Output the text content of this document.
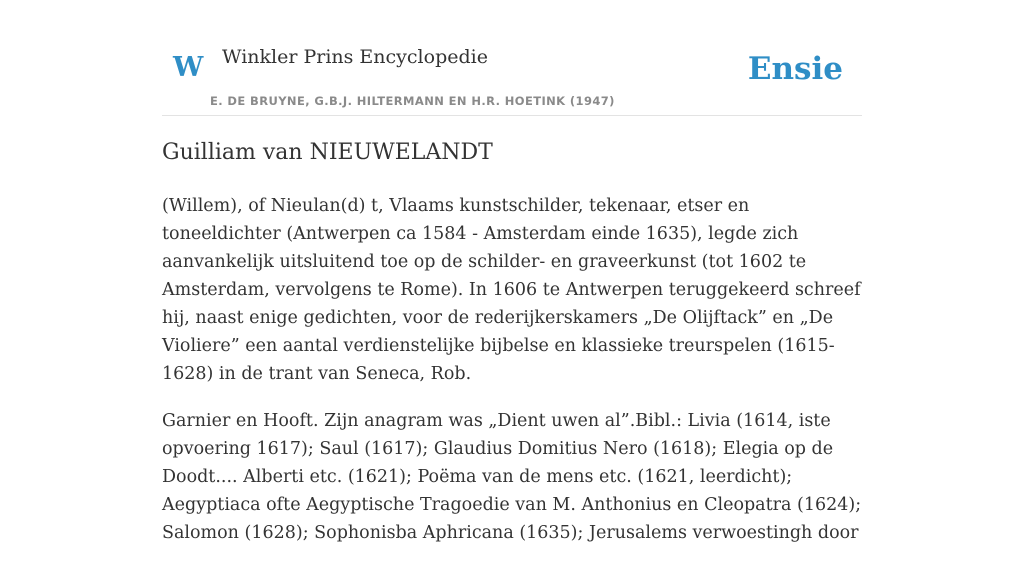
W Winkler Prins Encyclopedie
E. DE BRUYNE, G.B.J. HILTERMANN EN H.R. HOETINK (1947)
Ensie
Guilliam van NIEUWELANDT

(Willem), of Nieulan(d) t, Vlaams kunstschilder, tekenaar, etser en toneeldichter (Antwerpen ca 1584 - Amsterdam einde 1635), legde zich aanvankelijk uitsluitend toe op de schilder- en graveerkunst (tot 1602 te Amsterdam, vervolgens te Rome). In 1606 te Antwerpen teruggekeerd schreef hij, naast enige gedichten, voor de rederijkerskamers „De Olijftack” en „De Violiere” een aantal verdienstelijke bijbelse en klassieke treurspelen (1615-1628) in de trant van Seneca, Rob.

Garnier en Hooft. Zijn anagram was „Dient uwen al”.Bibl.: Livia (1614, iste opvoering 1617); Saul (1617); Glaudius Domitius Nero (1618); Elegia op de Doodt.... Alberti etc. (1621); Poëma van de mens etc. (1621, leerdicht); Aegyptiaca ofte Aegyptische Tragoedie van M. Anthonius en Cleopatra (1624); Salomon (1628); Sophonisba Aphricana (1635); Jerusalems verwoestingh door
